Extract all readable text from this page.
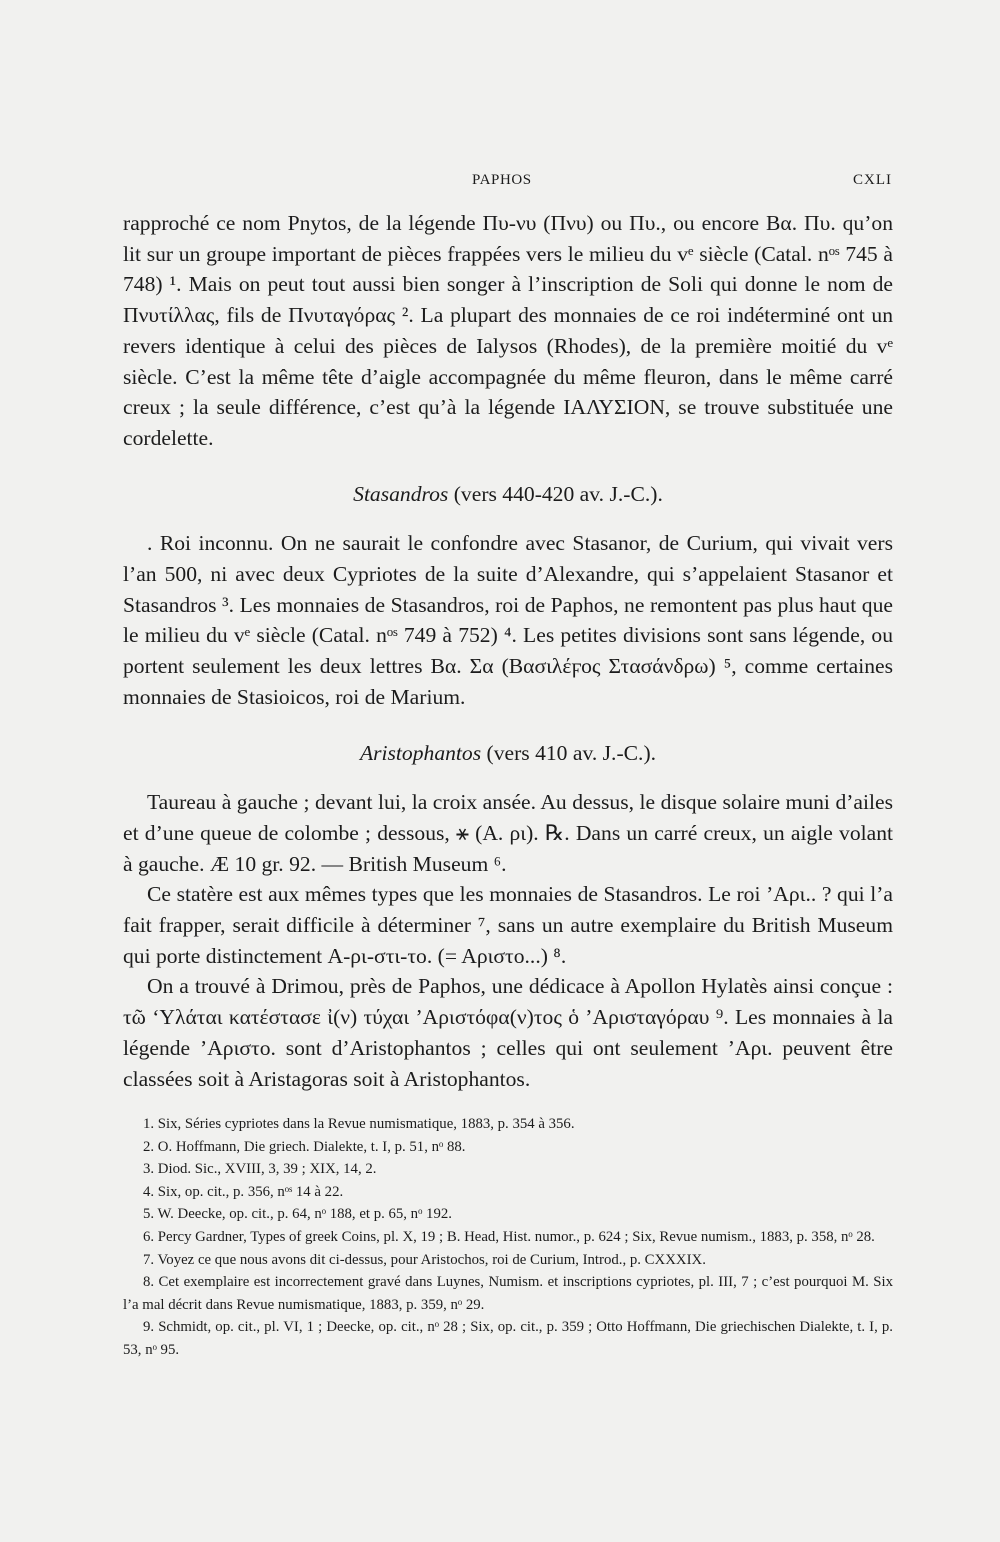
PAPHOS	CXLI

rapproché ce nom Pnytos, de la légende Πυ-νυ (Πνυ) ou Πυ., ou encore Βα. Πυ. qu’on lit sur un groupe important de pièces frappées vers le milieu du vᵉ siècle (Catal. nᵒˢ 745 à 748) ¹. Mais on peut tout aussi bien songer à l’inscription de Soli qui donne le nom de Πνυτίλλας, fils de Πνυταγόρας ². La plupart des monnaies de ce roi indéterminé ont un revers identique à celui des pièces de Ialysos (Rhodes), de la première moitié du vᵉ siècle. C’est la même tête d’aigle accompagnée du même fleuron, dans le même carré creux ; la seule différence, c’est qu’à la légende ΙΑΛΥΣΙΟΝ, se trouve substituée une cordelette.

Stasandros (vers 440-420 av. J.-C.).

. Roi inconnu. On ne saurait le confondre avec Stasanor, de Curium, qui vivait vers l’an 500, ni avec deux Cypriotes de la suite d’Alexandre, qui s’appelaient Stasanor et Stasandros ³. Les monnaies de Stasandros, roi de Paphos, ne remontent pas plus haut que le milieu du vᵉ siècle (Catal. nᵒˢ 749 à 752) ⁴. Les petites divisions sont sans légende, ou portent seulement les deux lettres Βα. Σα (Βασιλέϝος Στασάνδρω) ⁵, comme certaines monnaies de Stasioicos, roi de Marium.

Aristophantos (vers 410 av. J.-C.).

Taureau à gauche ; devant lui, la croix ansée. Au dessus, le disque solaire muni d’ailes et d’une queue de colombe ; dessous, ⚹ (Α. ρι). ℞. Dans un carré creux, un aigle volant à gauche. Æ 10 gr. 92. — British Museum ⁶.

Ce statère est aux mêmes types que les monnaies de Stasandros. Le roi ’Αρι.. ? qui l’a fait frapper, serait difficile à déterminer ⁷, sans un autre exemplaire du British Museum qui porte distinctement Α-ρι-στι-το. (= Αριστο...) ⁸.

On a trouvé à Drimou, près de Paphos, une dédicace à Apollon Hylatès ainsi conçue : τῶ ‘Υλάται κατέστασε ἰ(ν) τύχαι ’Αριστόφα(ν)τος ὁ ’Αρισταγόραυ ⁹. Les monnaies à la légende ’Αριστο. sont d’Aristophantos ; celles qui ont seulement ’Αρι. peuvent être classées soit à Aristagoras soit à Aristophantos.

1. Six, Séries cypriotes dans la Revue numismatique, 1883, p. 354 à 356.

2. O. Hoffmann, Die griech. Dialekte, t. I, p. 51, nᵒ 88.

3. Diod. Sic., XVIII, 3, 39 ; XIX, 14, 2.

4. Six, op. cit., p. 356, nᵒˢ 14 à 22.

5. W. Deecke, op. cit., p. 64, nᵒ 188, et p. 65, nᵒ 192.

6. Percy Gardner, Types of greek Coins, pl. X, 19 ; B. Head, Hist. numor., p. 624 ; Six, Revue numism., 1883, p. 358, nᵒ 28.

7. Voyez ce que nous avons dit ci-dessus, pour Aristochos, roi de Curium, Introd., p. CXXXIX.

8. Cet exemplaire est incorrectement gravé dans Luynes, Numism. et inscriptions cypriotes, pl. III, 7 ; c’est pourquoi M. Six l’a mal décrit dans Revue numismatique, 1883, p. 359, nᵒ 29.

9. Schmidt, op. cit., pl. VI, 1 ; Deecke, op. cit., nᵒ 28 ; Six, op. cit., p. 359 ; Otto Hoffmann, Die griechischen Dialekte, t. I, p. 53, nᵒ 95.
